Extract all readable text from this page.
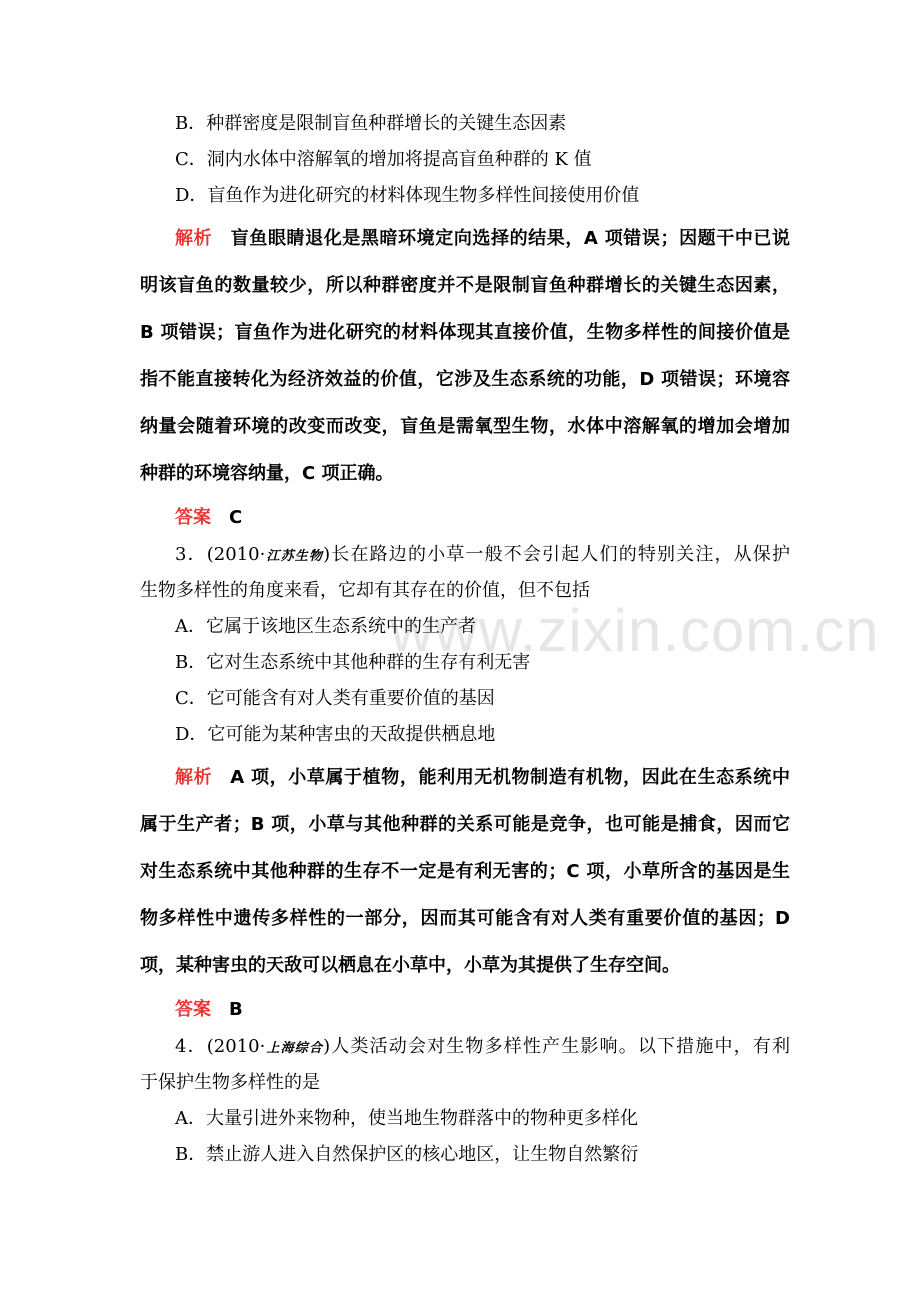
www.zixin.com.cn
B．种群密度是限制盲鱼种群增长的关键生态因素
C．洞内水体中溶解氧的增加将提高盲鱼种群的 K 值
D．盲鱼作为进化研究的材料体现生物多样性间接使用价值
解析 盲鱼眼睛退化是黑暗环境定向选择的结果，A 项错误；因题干中已说
明该盲鱼的数量较少，所以种群密度并不是限制盲鱼种群增长的关键生态因素，
B 项错误；盲鱼作为进化研究的材料体现其直接价值，生物多样性的间接价值是
指不能直接转化为经济效益的价值，它涉及生态系统的功能，D 项错误；环境容
纳量会随着环境的改变而改变，盲鱼是需氧型生物，水体中溶解氧的增加会增加
种群的环境容纳量，C 项正确。
答案 C
3．(2010·江苏生物)长在路边的小草一般不会引起人们的特别关注，从保护
生物多样性的角度来看，它却有其存在的价值，但不包括
A．它属于该地区生态系统中的生产者
B．它对生态系统中其他种群的生存有利无害
C．它可能含有对人类有重要价值的基因
D．它可能为某种害虫的天敌提供栖息地
解析 A 项，小草属于植物，能利用无机物制造有机物，因此在生态系统中
属于生产者；B 项，小草与其他种群的关系可能是竞争，也可能是捕食，因而它
对生态系统中其他种群的生存不一定是有利无害的；C 项，小草所含的基因是生
物多样性中遗传多样性的一部分，因而其可能含有对人类有重要价值的基因；D
项，某种害虫的天敌可以栖息在小草中，小草为其提供了生存空间。
答案 B
4．(2010·上海综合)人类活动会对生物多样性产生影响。以下措施中，有利
于保护生物多样性的是
A．大量引进外来物种，使当地生物群落中的物种更多样化
B．禁止游人进入自然保护区的核心地区，让生物自然繁衍
